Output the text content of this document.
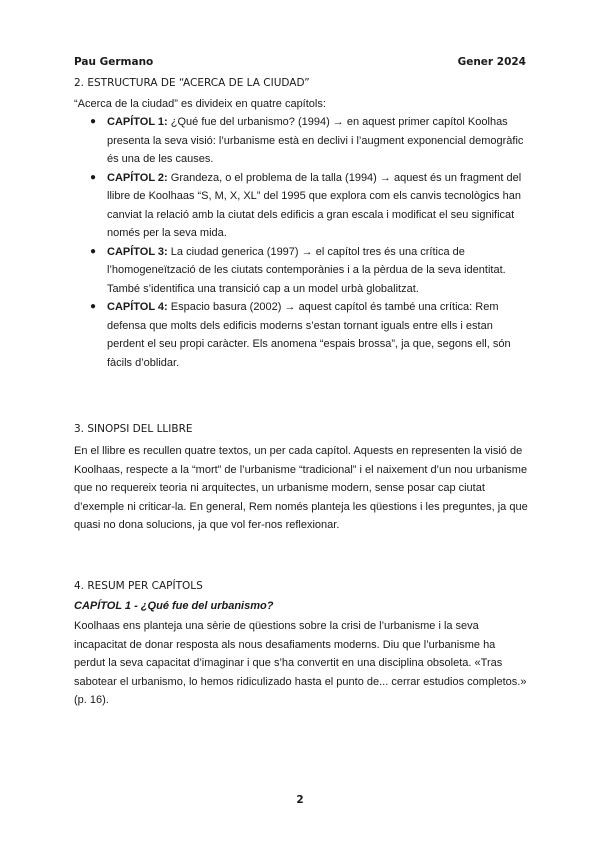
Pau Germano	Gener 2024
2. ESTRUCTURA DE “ACERCA DE LA CIUDAD”
“Acerca de la ciudad” es divideix en quatre capítols:
● CAPÍTOL 1: ¿Qué fue del urbanismo? (1994) → en aquest primer capítol Koolhas presenta la seva visió: l’urbanisme està en declivi i l’augment exponencial demogràfic és una de les causes.
● CAPÍTOL 2: Grandeza, o el problema de la talla (1994) → aquest és un fragment del llibre de Koolhaas “S, M, X, XL” del 1995 que explora com els canvis tecnològics han canviat la relació amb la ciutat dels edificis a gran escala i modificat el seu significat només per la seva mida.
● CAPÍTOL 3: La ciudad generica (1997) → el capítol tres és una crítica de l’homogeneïtzació de les ciutats contemporànies i a la pèrdua de la seva identitat. També s’identifica una transició cap a un model urbà globalitzat.
● CAPÍTOL 4: Espacio basura (2002) → aquest capítol és també una crítica: Rem defensa que molts dels edificis moderns s’estan tornant iguals entre ells i estan perdent el seu propi caràcter. Els anomena “espais brossa”, ja que, segons ell, són fàcils d’oblidar.
3. SINOPSI DEL LLIBRE
En el llibre es recullen quatre textos, un per cada capítol. Aquests en representen la visió de Koolhaas, respecte a la “mort” de l’urbanisme “tradicional” i el naixement d’un nou urbanisme que no requereix teoria ni arquitectes, un urbanisme modern, sense posar cap ciutat d’exemple ni criticar-la. En general, Rem només planteja les qüestions i les preguntes, ja que quasi no dona solucions, ja que vol fer-nos reflexionar.
4. RESUM PER CAPÍTOLS
CAPÍTOL 1 - ¿Qué fue del urbanismo?
Koolhaas ens planteja una sèrie de qüestions sobre la crisi de l’urbanisme i la seva incapacitat de donar resposta als nous desafiaments moderns. Diu que l’urbanisme ha perdut la seva capacitat d’imaginar i que s’ha convertit en una disciplina obsoleta. «Tras sabotear el urbanismo, lo hemos ridiculizado hasta el punto de... cerrar estudios completos.» (p. 16).
2
